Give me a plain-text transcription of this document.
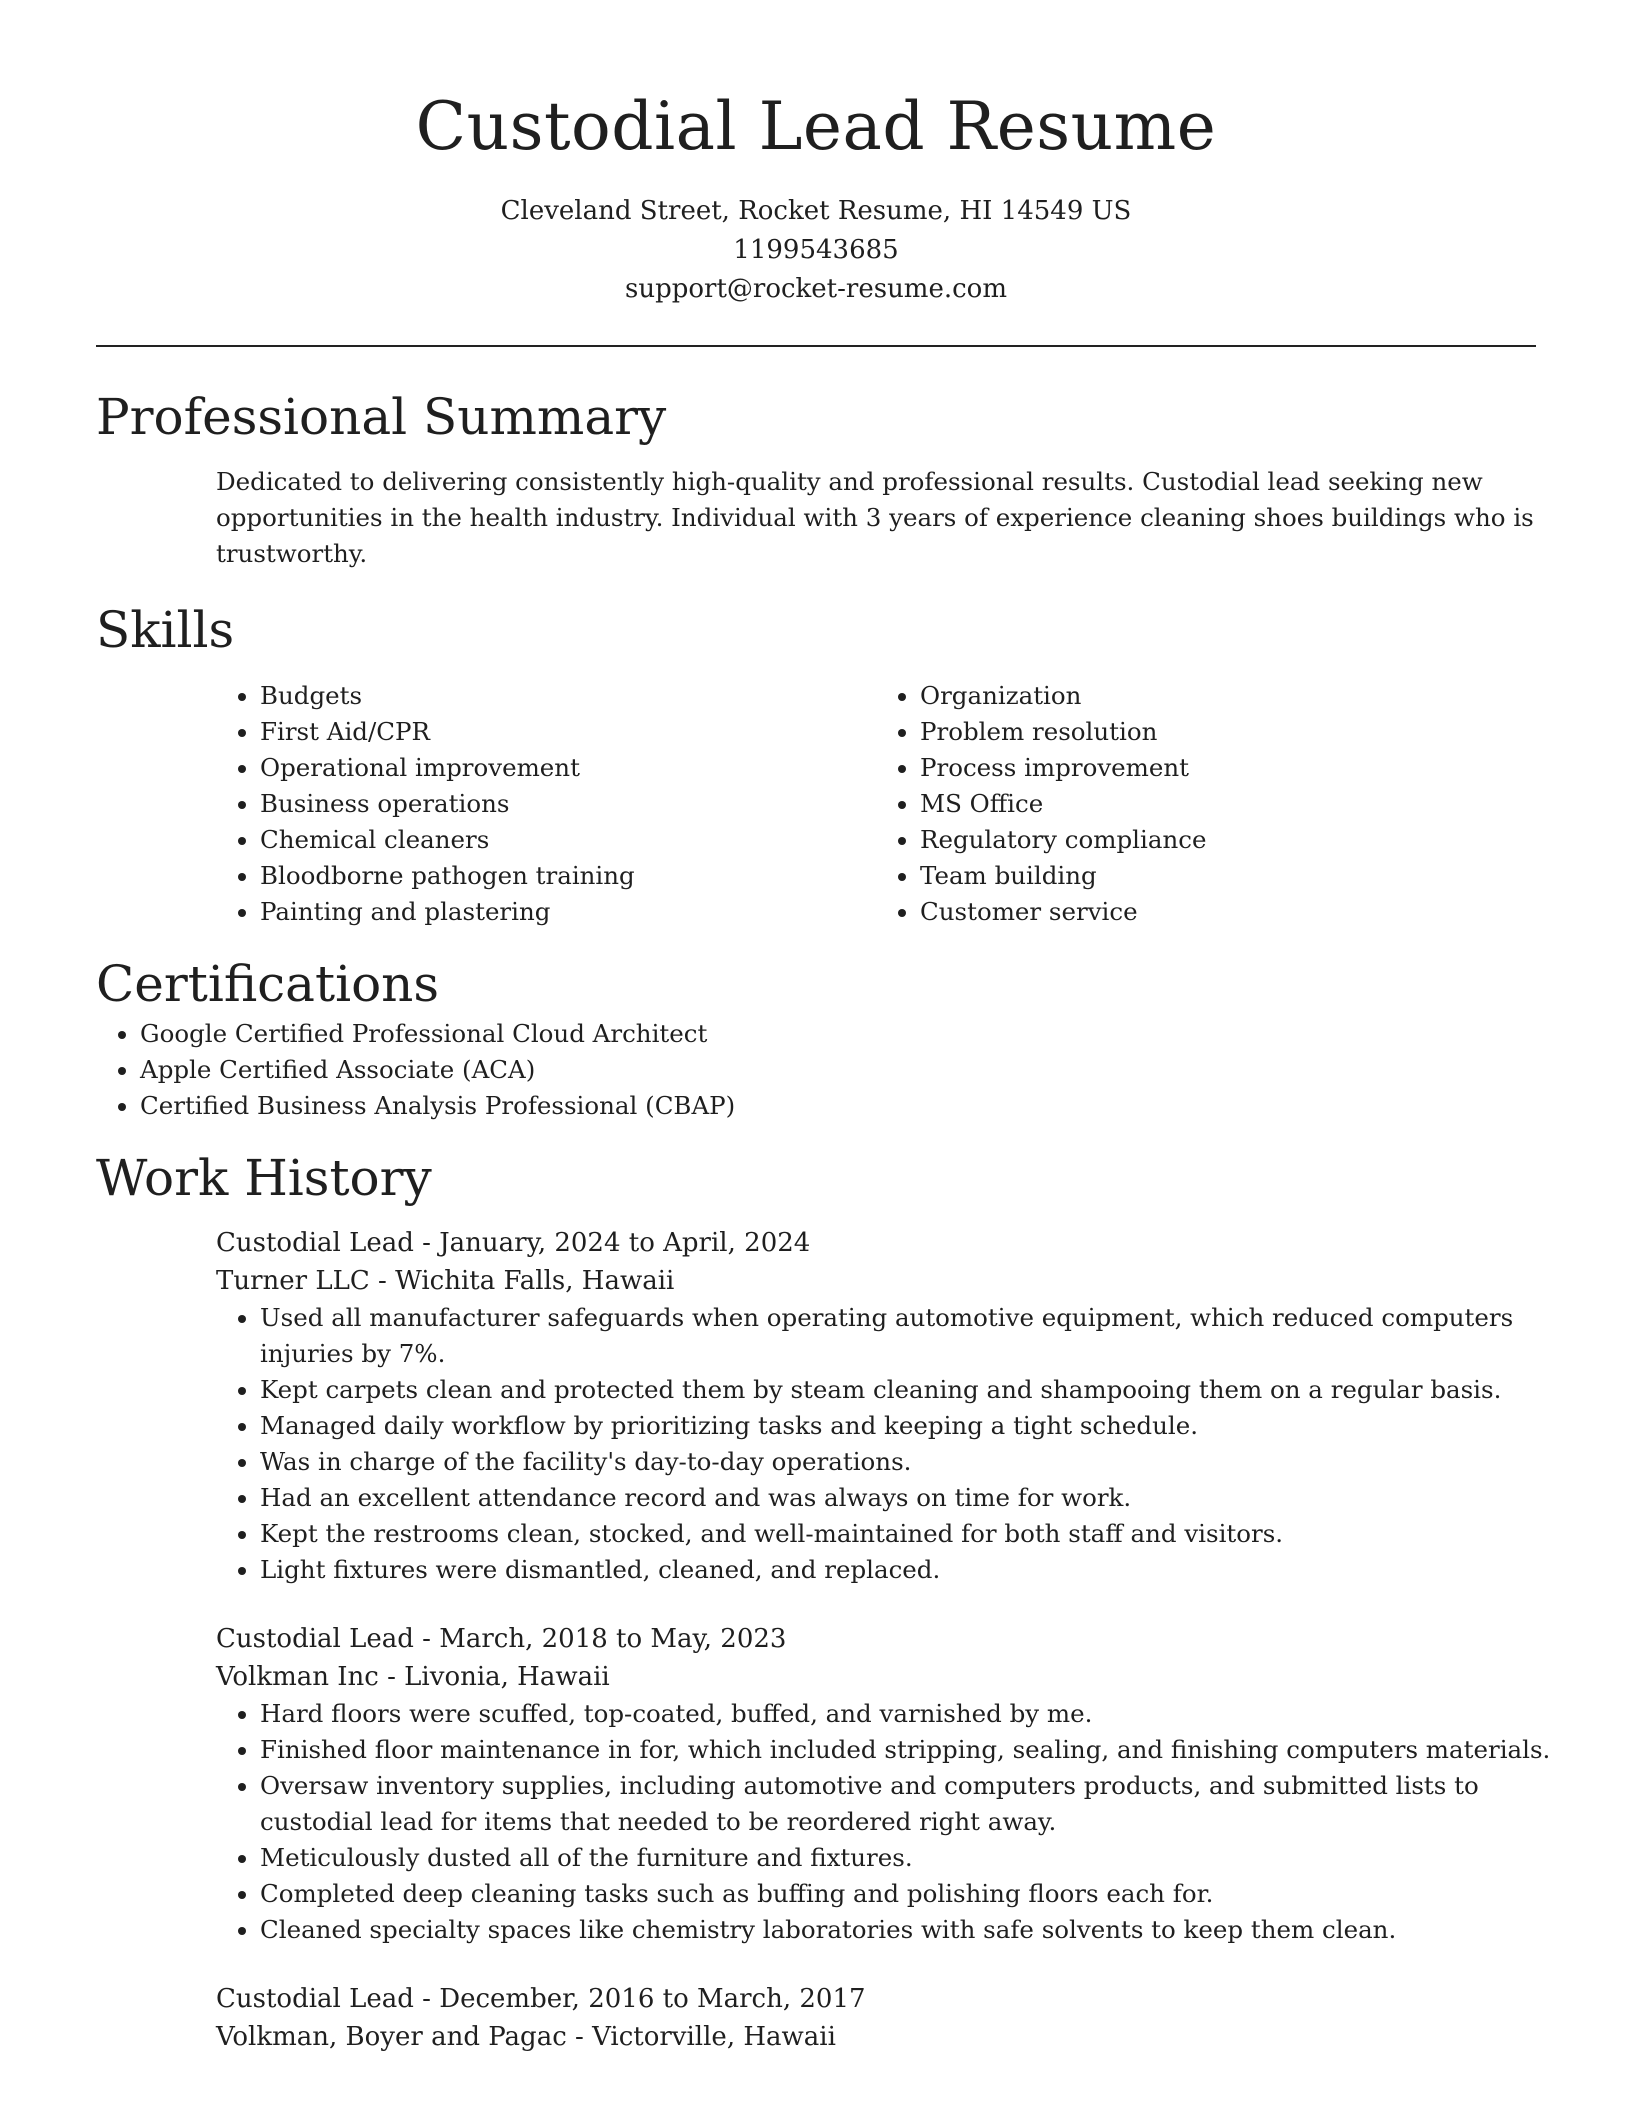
Custodial Lead Resume

Cleveland Street, Rocket Resume, HI 14549 US

1199543685

support@rocket-resume.com

Professional Summary

Dedicated to delivering consistently high-quality and professional results. Custodial lead seeking new opportunities in the health industry. Individual with 3 years of experience cleaning shoes buildings who is trustworthy.

Skills
• Budgets
• First Aid/CPR
• Operational improvement
• Business operations
• Chemical cleaners
• Bloodborne pathogen training
• Painting and plastering
• Organization
• Problem resolution
• Process improvement
• MS Office
• Regulatory compliance
• Team building
• Customer service
Certifications
• Google Certified Professional Cloud Architect
• Apple Certified Associate (ACA)
• Certified Business Analysis Professional (CBAP)
Work History

Custodial Lead - January, 2024 to April, 2024

Turner LLC - Wichita Falls, Hawaii

• Used all manufacturer safeguards when operating automotive equipment, which reduced computers injuries by 7%.
• Kept carpets clean and protected them by steam cleaning and shampooing them on a regular basis.
• Managed daily workflow by prioritizing tasks and keeping a tight schedule.
• Was in charge of the facility's day-to-day operations.
• Had an excellent attendance record and was always on time for work.
• Kept the restrooms clean, stocked, and well-maintained for both staff and visitors.
• Light fixtures were dismantled, cleaned, and replaced.

Custodial Lead - March, 2018 to May, 2023

Volkman Inc - Livonia, Hawaii

• Hard floors were scuffed, top-coated, buffed, and varnished by me.
• Finished floor maintenance in for, which included stripping, sealing, and finishing computers materials.
• Oversaw inventory supplies, including automotive and computers products, and submitted lists to custodial lead for items that needed to be reordered right away.
• Meticulously dusted all of the furniture and fixtures.
• Completed deep cleaning tasks such as buffing and polishing floors each for.
• Cleaned specialty spaces like chemistry laboratories with safe solvents to keep them clean.

Custodial Lead - December, 2016 to March, 2017

Volkman, Boyer and Pagac - Victorville, Hawaii
